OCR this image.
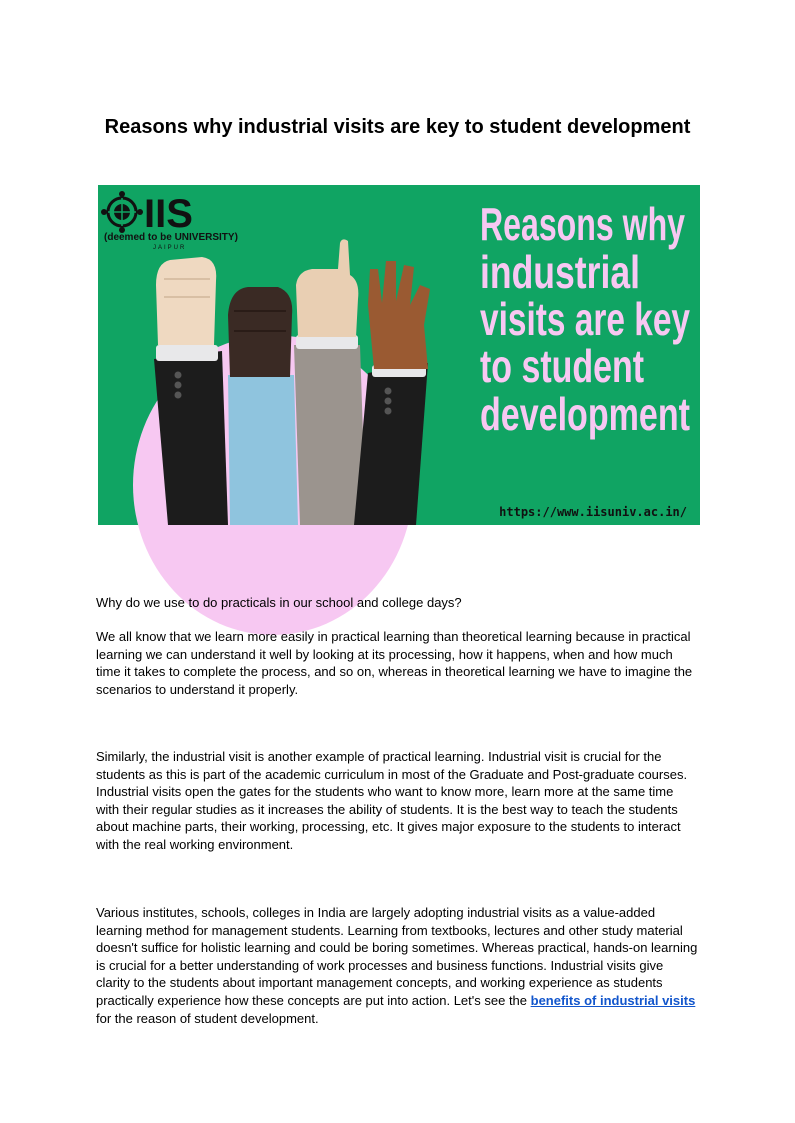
Reasons why industrial visits are key to student development
IIS
(deemed to be UNIVERSITY)
JAIPUR	Reasons why
industrial
visits are key
to student
development
https://www.iisuniv.ac.in/

Why do we use to do practicals in our school and college days?

We all know that we learn more easily in practical learning than theoretical learning because in practical learning we can understand it well by looking at its processing, how it happens, when and how much time it takes to complete the process, and so on, whereas in theoretical learning we have to imagine the scenarios to understand it properly.

Similarly, the industrial visit is another example of practical learning. Industrial visit is crucial for the students as this is part of the academic curriculum in most of the Graduate and Post-graduate courses. Industrial visits open the gates for the students who want to know more, learn more at the same time with their regular studies as it increases the ability of students. It is the best way to teach the students about machine parts, their working, processing, etc. It gives major exposure to the students to interact with the real working environment.

Various institutes, schools, colleges in India are largely adopting industrial visits as a value-added learning method for management students. Learning from textbooks, lectures and other study material doesn't suffice for holistic learning and could be boring sometimes. Whereas practical, hands-on learning is crucial for a better understanding of work processes and business functions. Industrial visits give clarity to the students about important management concepts, and working experience as students practically experience how these concepts are put into action. Let's see the benefits of industrial visits for the reason of student development.
